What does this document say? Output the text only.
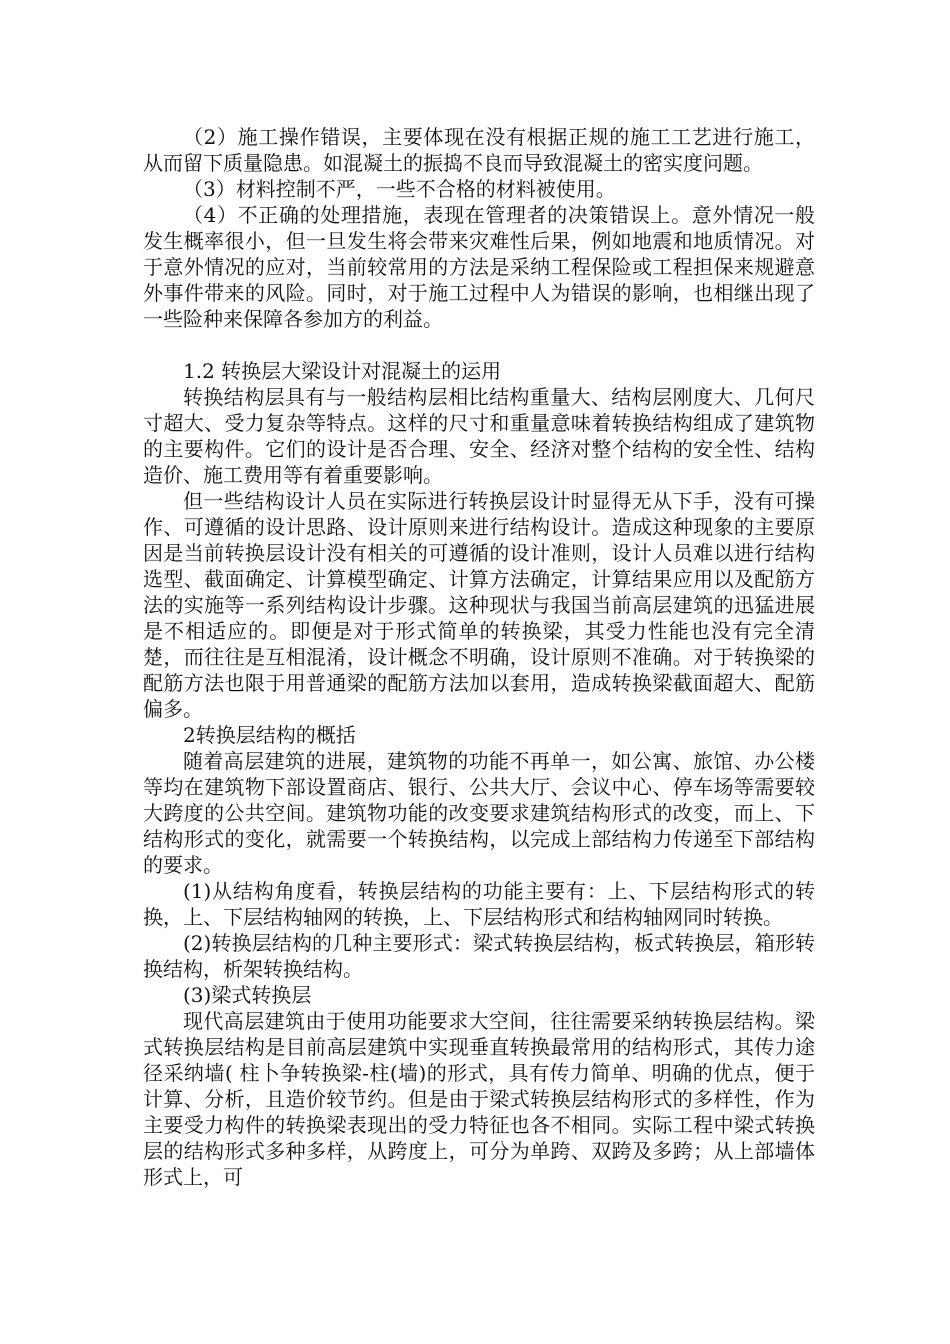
（2）施工操作错误，主要体现在没有根据正规的施工工艺进行施工，从而留下质量隐患。如混凝土的振捣不良而导致混凝土的密实度问题。

（3）材料控制不严，一些不合格的材料被使用。

（4）不正确的处理措施，表现在管理者的决策错误上。意外情况一般发生概率很小，但一旦发生将会带来灾难性后果，例如地震和地质情况。对于意外情况的应对，当前较常用的方法是采纳工程保险或工程担保来规避意外事件带来的风险。同时，对于施工过程中人为错误的影响，也相继出现了一些险种来保障各参加方的利益。

1.2 转换层大梁设计对混凝土的运用

转换结构层具有与一般结构层相比结构重量大、结构层刚度大、几何尺寸超大、受力复杂等特点。这样的尺寸和重量意味着转换结构组成了建筑物的主要构件。它们的设计是否合理、安全、经济对整个结构的安全性、结构造价、施工费用等有着重要影响。

但一些结构设计人员在实际进行转换层设计时显得无从下手，没有可操作、可遵循的设计思路、设计原则来进行结构设计。造成这种现象的主要原因是当前转换层设计没有相关的可遵循的设计准则，设计人员难以进行结构选型、截面确定、计算模型确定、计算方法确定，计算结果应用以及配筋方法的实施等一系列结构设计步骤。这种现状与我国当前高层建筑的迅猛进展是不相适应的。即便是对于形式简单的转换梁，其受力性能也没有完全清楚，而往往是互相混淆，设计概念不明确，设计原则不准确。对于转换梁的配筋方法也限于用普通梁的配筋方法加以套用，造成转换梁截面超大、配筋偏多。

2转换层结构的概括

随着高层建筑的进展，建筑物的功能不再单一，如公寓、旅馆、办公楼等均在建筑物下部设置商店、银行、公共大厅、会议中心、停车场等需要较大跨度的公共空间。建筑物功能的改变要求建筑结构形式的改变，而上、下结构形式的变化，就需要一个转换结构，以完成上部结构力传递至下部结构的要求。

(1)从结构角度看，转换层结构的功能主要有：上、下层结构形式的转换，上、下层结构轴网的转换，上、下层结构形式和结构轴网同时转换。

(2)转换层结构的几种主要形式：梁式转换层结构，板式转换层，箱形转换结构，析架转换结构。

(3)梁式转换层

现代高层建筑由于使用功能要求大空间，往往需要采纳转换层结构。梁式转换层结构是目前高层建筑中实现垂直转换最常用的结构形式，其传力途径采纳墙( 柱卜争转换梁-柱(墙)的形式，具有传力简单、明确的优点，便于计算、分析，且造价较节约。但是由于梁式转换层结构形式的多样性，作为主要受力构件的转换梁表现出的受力特征也各不相同。实际工程中梁式转换层的结构形式多种多样，从跨度上，可分为单跨、双跨及多跨；从上部墙体形式上，可
